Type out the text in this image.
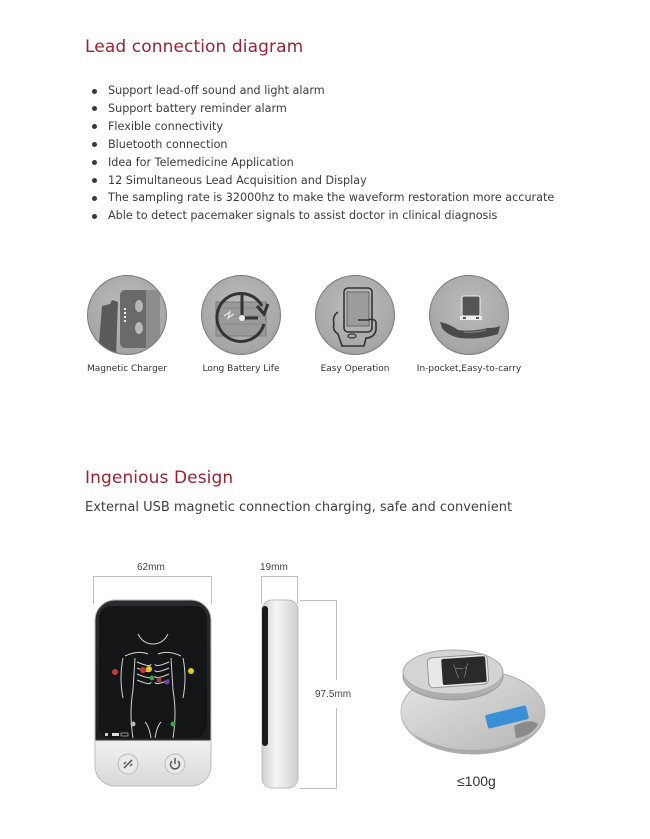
Lead connection diagram
Support lead-off sound and light alarm
Support battery reminder alarm
Flexible connectivity
Bluetooth connection
Idea for Telemedicine Application
12 Simultaneous Lead Acquisition and Display
The sampling rate is 32000hz to make the waveform restoration more accurate
Able to detect pacemaker signals to assist doctor in clinical diagnosis
Magnetic Charger	Long Battery Life	Easy Operation	In-pocket,Easy-to-carry
Ingenious Design

External USB magnetic connection charging, safe and convenient

62mm	19mm
97.5mm
≤100g
